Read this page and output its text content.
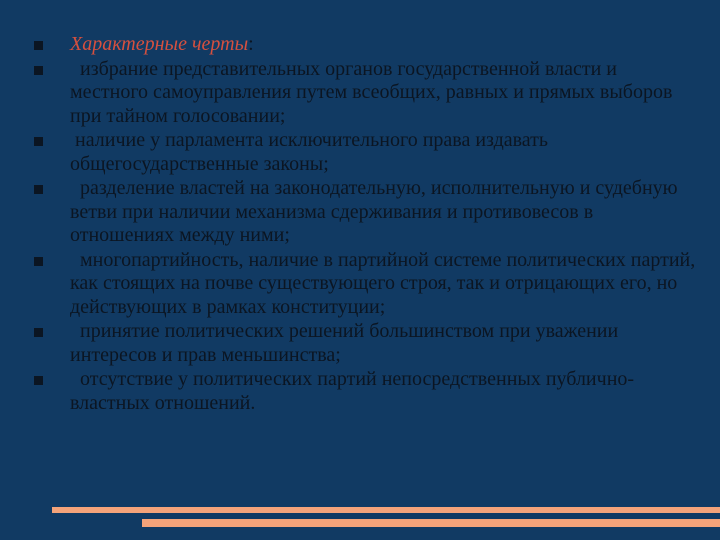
Характерные черты:
избрание представительных органов государственной власти и местного самоуправления путем всеобщих, равных и прямых выборов при тайном голосовании;
наличие у парламента исключительного права издавать общегосударственные законы;
разделение властей на законодательную, исполнительную и судебную ветви при наличии механизма сдерживания и противовесов в отношениях между ними;
многопартийность, наличие в партийной системе политических партий, как стоящих на почве существующего строя, так и отрицающих его, но действующих в рамках конституции;
принятие политических решений большинством при уважении интересов и прав меньшинства;
отсутствие у политических партий непосредственных публично-властных отношений.
